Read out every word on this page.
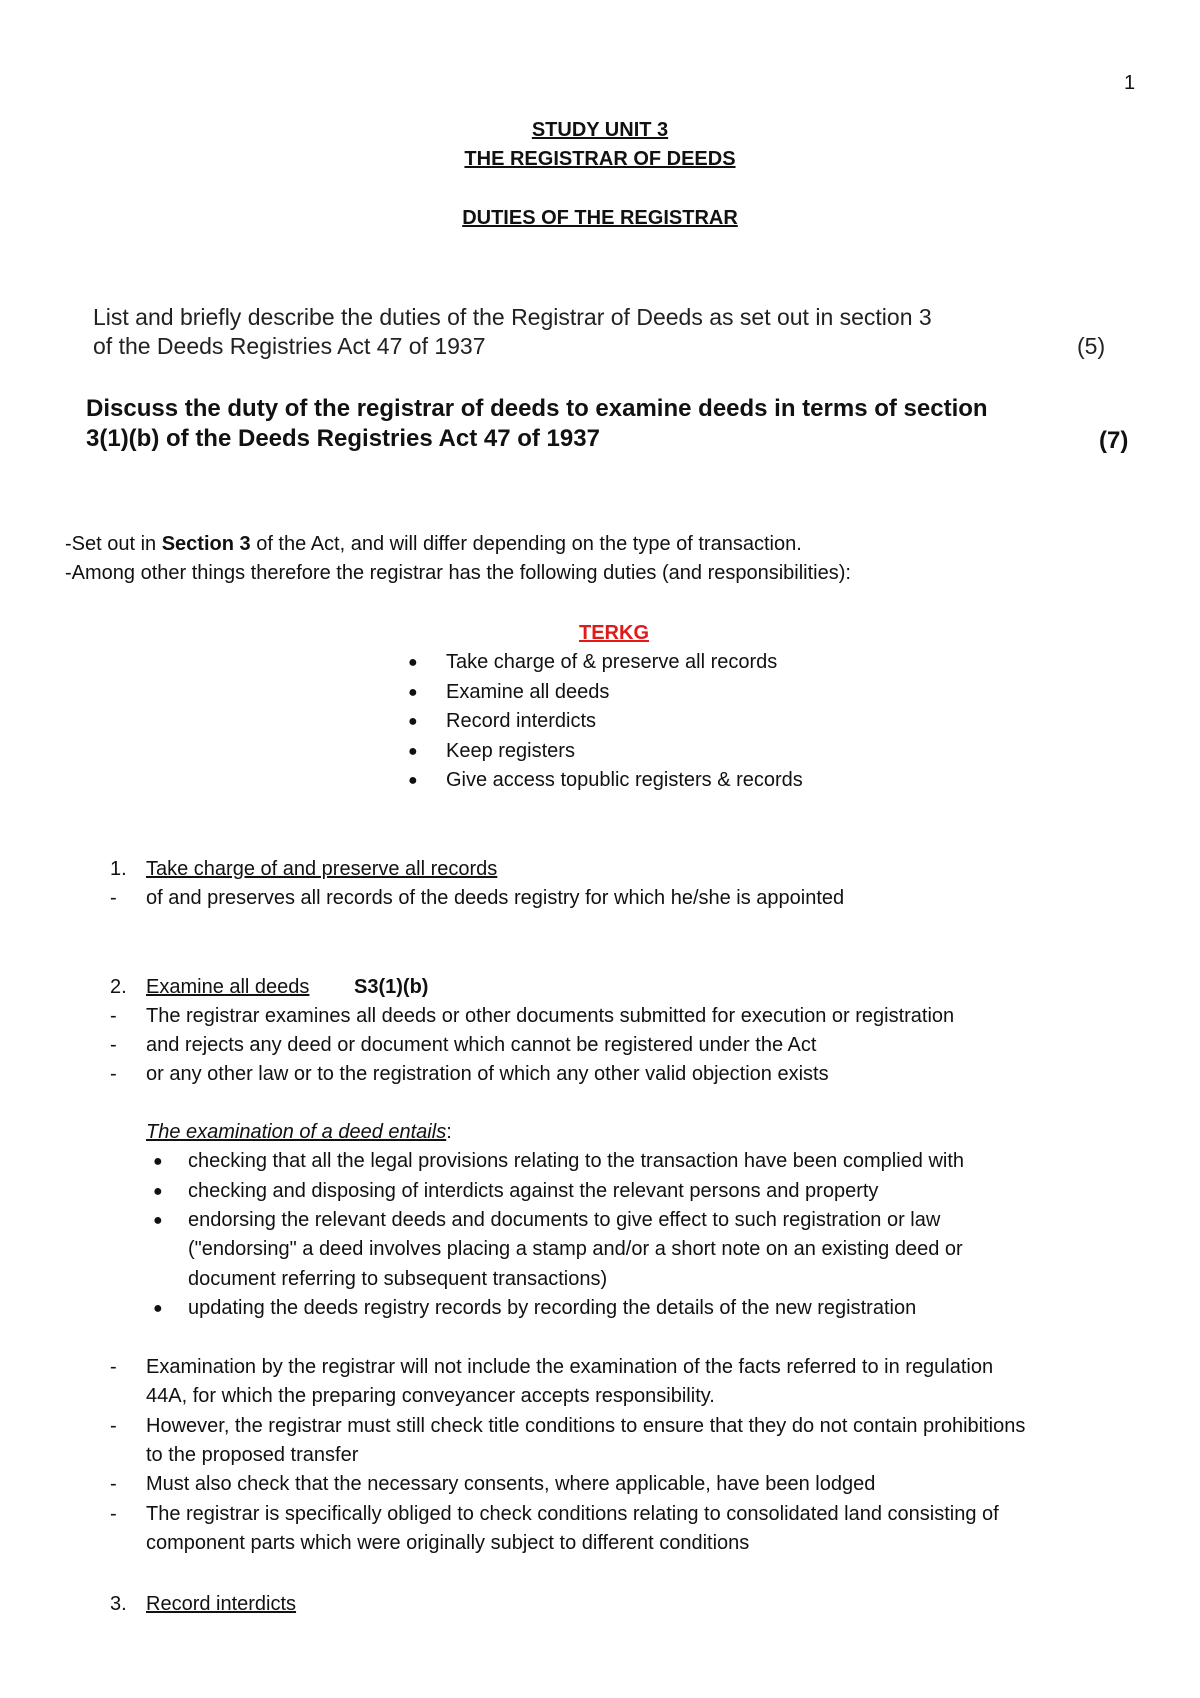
1
STUDY UNIT 3
THE REGISTRAR OF DEEDS
DUTIES OF THE REGISTRAR
List and briefly describe the duties of the Registrar of Deeds as set out in section 3
of the Deeds Registries Act 47 of 1937	(5)
Discuss the duty of the registrar of deeds to examine deeds in terms of section
3(1)(b) of the Deeds Registries Act 47 of 1937	(7)
-Set out in Section 3 of the Act, and will differ depending on the type of transaction.
-Among other things therefore the registrar has the following duties (and responsibilities):
TERKG
● Take charge of & preserve all records
● Examine all deeds
● Record interdicts
● Keep registers
● Give access topublic registers & records
1. Take charge of and preserve all records
- of and preserves all records of the deeds registry for which he/she is appointed
2. Examine all deeds S3(1)(b)
- The registrar examines all deeds or other documents submitted for execution or registration
- and rejects any deed or document which cannot be registered under the Act
- or any other law or to the registration of which any other valid objection exists
The examination of a deed entails:
● checking that all the legal provisions relating to the transaction have been complied with
● checking and disposing of interdicts against the relevant persons and property
● endorsing the relevant deeds and documents to give effect to such registration or law
("endorsing" a deed involves placing a stamp and/or a short note on an existing deed or
document referring to subsequent transactions)
● updating the deeds registry records by recording the details of the new registration
- Examination by the registrar will not include the examination of the facts referred to in regulation
44A, for which the preparing conveyancer accepts responsibility.
- However, the registrar must still check title conditions to ensure that they do not contain prohibitions
to the proposed transfer
- Must also check that the necessary consents, where applicable, have been lodged
- The registrar is specifically obliged to check conditions relating to consolidated land consisting of
component parts which were originally subject to different conditions
3. Record interdicts
